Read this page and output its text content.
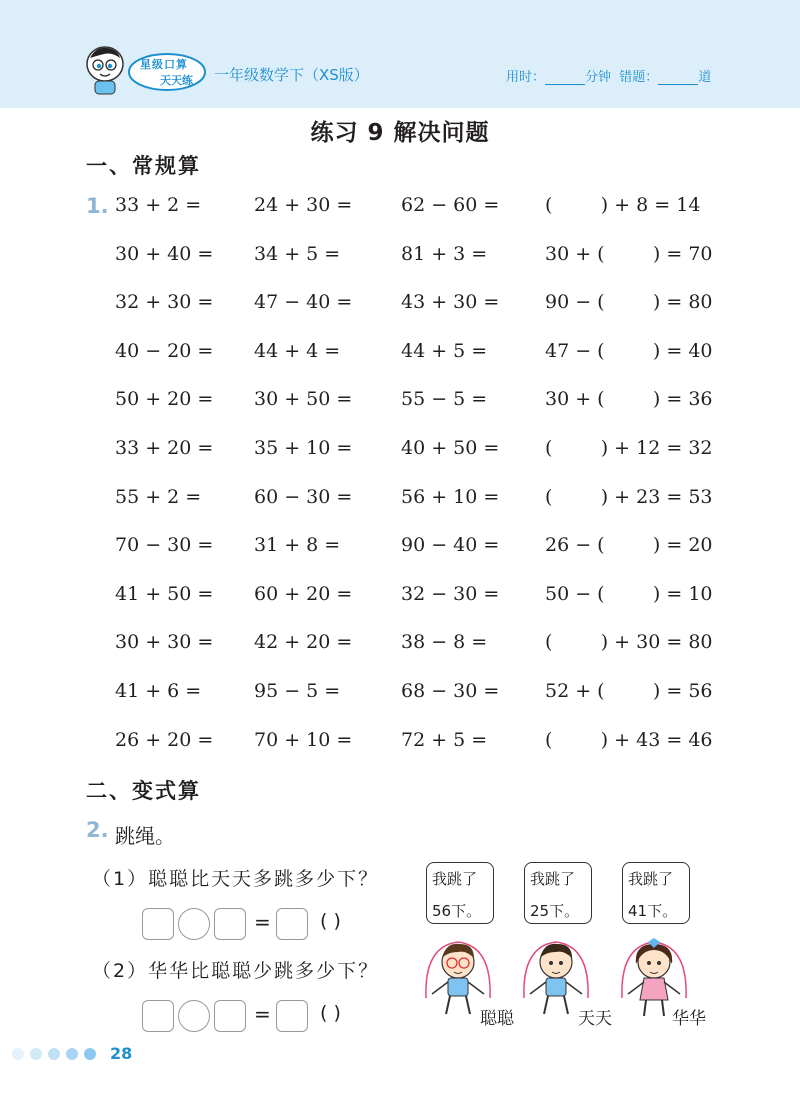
星级口算
天天练 一年级数学下（XS版）	用时：	分钟 错题：	道
练习 9 解决问题
一、常规算
1. 33 + 2 =	24 + 30 =	62 − 60 = (        ) + 8 = 14
30 + 40 = 34 + 5 =	81 + 3 =	30 + (        ) = 70
32 + 30 = 47 − 40 =	43 + 30 = 90 − (        ) = 80
40 − 20 = 44 + 4 =	44 + 5 =	47 − (        ) = 40
50 + 20 = 30 + 50 =	55 − 5 =	30 + (        ) = 36
33 + 20 = 35 + 10 =	40 + 50 = (        ) + 12 = 32
55 + 2 =	60 − 30 =	56 + 10 = (        ) + 23 = 53
70 − 30 = 31 + 8 =	90 − 40 = 26 − (        ) = 20
41 + 50 = 60 + 20 =	32 − 30 = 50 − (        ) = 10
30 + 30 = 42 + 20 =	38 − 8 =	(        ) + 30 = 80
41 + 6 =	95 − 5 =	68 − 30 = 52 + (        ) = 56
26 + 20 = 70 + 10 =	72 + 5 =	(        ) + 43 = 46
二、变式算
2. 跳绳。
（1）聪聪比天天多跳多少下？
=	( )
（2）华华比聪聪少跳多少下？
=	( )
我跳了
56下。
我跳了
25下。
我跳了
41下。
聪聪	天天	华华
28
